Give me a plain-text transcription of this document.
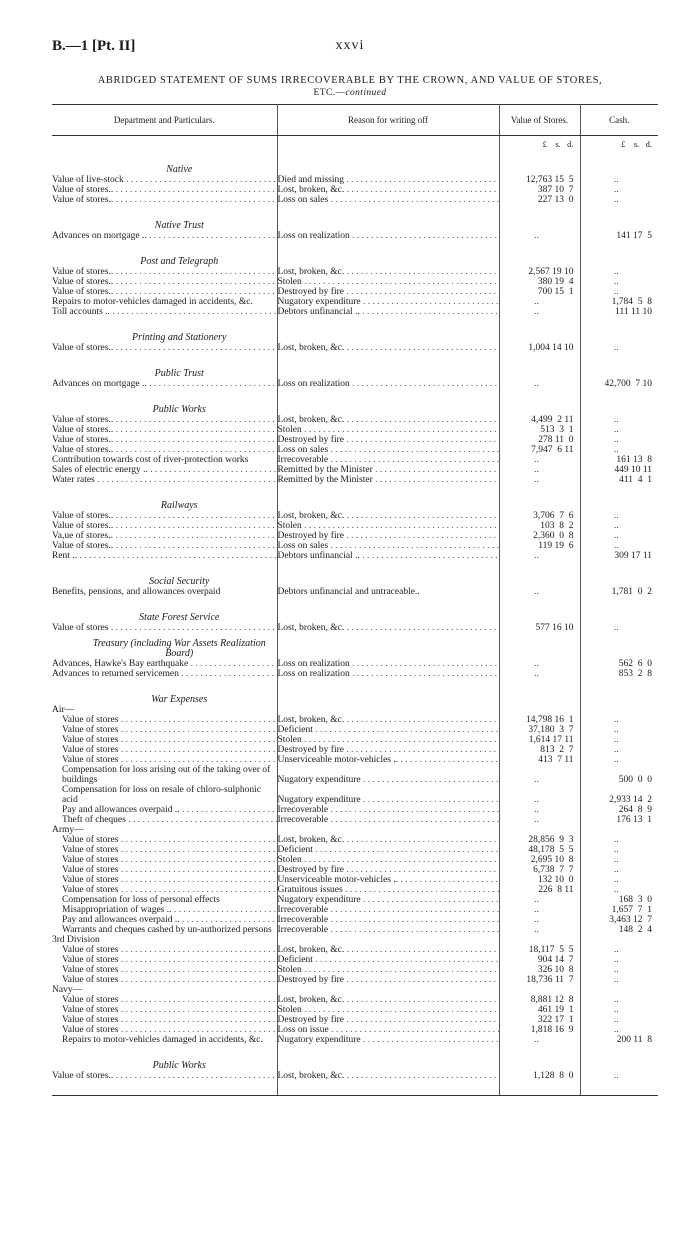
B.—1 [Pt. II]	xxvi
ABRIDGED STATEMENT OF SUMS IRRECOVERABLE BY THE CROWN, AND VALUE OF STORES,
ETC.—continued
Department and Particulars.	Reason for writing off	Value of Stores.	Cash.
		£    s.   d.	£    s.   d.
Native			
Value of live-stock . . .	Died and missing . . .	12,763 15  5	..
Value of stores.. . . .	Lost, broken, &c. . . .	387 10  7	..
Value of stores.. . . .	Loss on sales . . .	227 13  0	..
Native Trust			
Advances on mortgage .. . . .	Loss on realization . . .	..	141 17  5
Post and Telegraph			
Value of stores.. . . .	Lost, broken, &c. . . .	2,567 19 10	..
Value of stores.. . . .	Stolen . . .	380 19  4	..
Value of stores.. . . .	Destroyed by fire . . .	700 15  1	..
Repairs to motor-vehicles damaged in accidents, &c.	Nugatory expenditure . . .	..	1,784  5  8
Toll accounts .. . . .	Debtors unfinancial .. . . .	..	111 11 10
Printing and Stationery			
Value of stores.. . . .	Lost, broken, &c. . . .	1,004 14 10	..
Public Trust			
Advances on mortgage .. . . .	Loss on realization . . .	..	42,700  7 10
Public Works			
Value of stores.. . . .	Lost, broken, &c. . . .	4,499  2 11	..
Value of stores.. . . .	Stolen . . .	513  3  1	..
Value of stores.. . . .	Destroyed by fire . . .	278 11  0	..
Value of stores.. . . .	Loss on sales . . .	7,947  6 11	..
Contribution towards cost of river-protection works	Irrecoverable . . .	..	161 13  8
Sales of electric energy .. . . .	Remitted by the Minister . . .	..	449 10 11
Water rates . . .	Remitted by the Minister . . .	..	411  4  1
Railways			
Value of stores.. . . .	Lost, broken, &c. . . .	3,706  7  6	..
Value of stores.. . . .	Stolen . . .	103  8  2	..
Va,ue of stores.. . . .	Destroyed by fire . . .	2,360  0  8	..
Value of stores.. . . .	Loss on sales . . .	119 19  6	..
Rent .. . . .	Debtors unfinancial .. . . .	..	309 17 11
Social Security			
Benefits, pensions, and allowances overpaid	Debtors unfinancial and untraceable..	..	1,781  0  2
State Forest Service			
Value of stores . . .	Lost, broken, &c. . . .	577 16 10	..
Treasury (including War Assets Realization Board)			
Advances, Hawke's Bay earthquake . . .	Loss on realization . . .	..	562  6  0
Advances to returned servicemen . . .	Loss on realization . . .	..	853  2  8
War Expenses			
Air—			
Value of stores . . .	Lost, broken, &c. . . .	14,798 16  1	..
Value of stores . . .	Deficient . . .	37,180  3  7	..
Value of stores . . .	Stolen . . .	1,614 17 11	..
Value of stores . . .	Destroyed by fire . . .	813  2  7	..
Value of stores . . .	Unserviceable motor-vehicles .. . . .	413  7 11	..
Compensation for loss arising out of the taking over of buildings	Nugatory expenditure . . .	..	500  0  0
Compensation for loss on resale of chloro-sulphonic acid	Nugatory expenditure . . .	..	2,933 14  2
Pay and allowances overpaid .. . . .	Irrecoverable . . .	..	264  8  9
Theft of cheques . . .	Irrecoverable . . .	..	176 13  1
Army—			
Value of stores . . .	Lost, broken, &c. . . .	28,856  9  3	..
Value of stores . . .	Deficient . . .	48,178  5  5	..
Value of stores . . .	Stolen . . .	2,695 10  8	..
Value of stores . . .	Destroyed by fire . . .	6,738  7  7	..
Value of stores . . .	Unserviceable motor-vehicles .. . . .	132 10  0	..
Value of stores . . .	Gratuitous issues . . .	226  8 11	..
Compensation for loss of personal effects	Nugatory expenditure . . .	..	168  3  0
Misappropriation of wages .. . . .	Irrecoverable . . .	..	1,657  7  1
Pay and allowances overpaid .. . . .	Irrecoverable . . .	..	3,463 12  7
Warrants and cheques cashed by un-authorized persons	Irrecoverable . . .	..	148  2  4
3rd Division			
Value of stores . . .	Lost, broken, &c. . . .	18,117  5  5	..
Value of stores . . .	Deficient . . .	904 14  7	..
Value of stores . . .	Stolen . . .	326 10  8	..
Value of stores . . .	Destroyed by fire . . .	18,736 11  7	..
Navy—			
Value of stores . . .	Lost, broken, &c. . . .	8,881 12  8	..
Value of stores . . .	Stolen . . .	461 19  1	..
Value of stores . . .	Destroyed by fire . . .	322 17  1	..
Value of stores . . .	Loss on issue . . .	1,818 16  9	..
Repairs to motor-vehicles damaged in accidents, &c.	Nugatory expenditure . . .	..	200 11  8
Public Works			
Value of stores.. . . .	Lost, broken, &c. . . .	1,128  8  0	..
